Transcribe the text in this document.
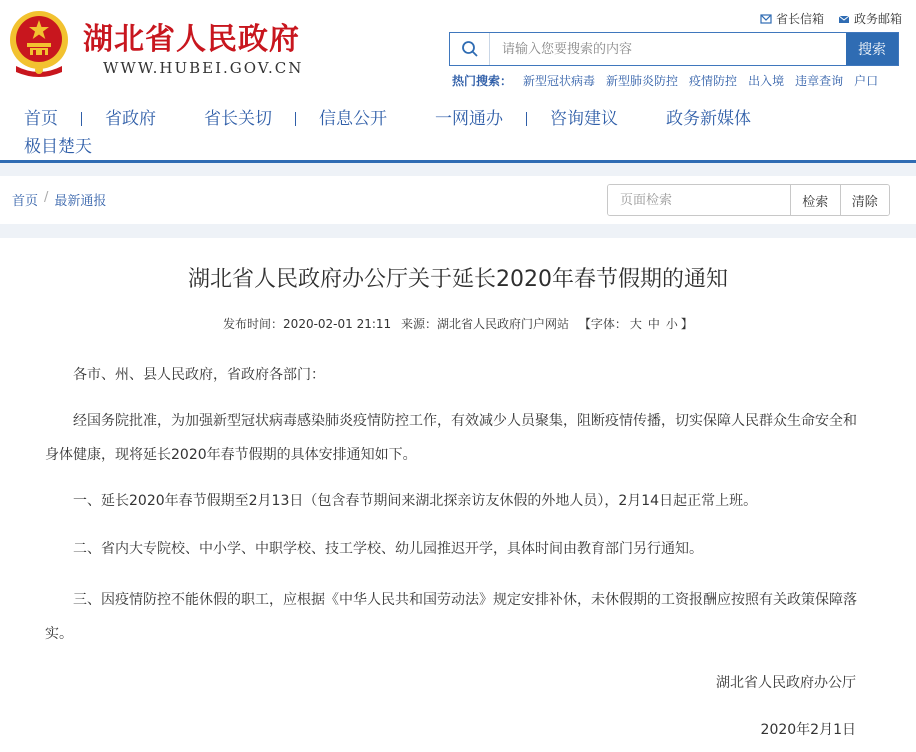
湖北省人民政府
WWW.HUBEI.GOV.CN
省长信箱	政务邮箱
请输入您要搜索的内容
搜索
热门搜索： 新型冠状病毒 新型肺炎防控 疫情防控 出入境 违章查询 户口
首页	省政府	省长关切	信息公开	一网通办	咨询建议	政务新媒体
极目楚天
首页 / 最新通报
页面检索	检索	清除
湖北省人民政府办公厅关于延长2020年春节假期的通知
发布时间：2020-02-01 21:11 来源：湖北省人民政府门户网站 【字体： 大 中 小 】

各市、州、县人民政府，省政府各部门：

经国务院批准，为加强新型冠状病毒感染肺炎疫情防控工作，有效减少人员聚集，阻断疫情传播，切实保障人民群众生命安全和身体健康，现将延长2020年春节假期的具体安排通知如下。

一、延长2020年春节假期至2月13日（包含春节期间来湖北探亲访友休假的外地人员），2月14日起正常上班。

二、省内大专院校、中小学、中职学校、技工学校、幼儿园推迟开学，具体时间由教育部门另行通知。

三、因疫情防控不能休假的职工，应根据《中华人民共和国劳动法》规定安排补休，未休假期的工资报酬应按照有关政策保障落实。

湖北省人民政府办公厅
2020年2月1日
